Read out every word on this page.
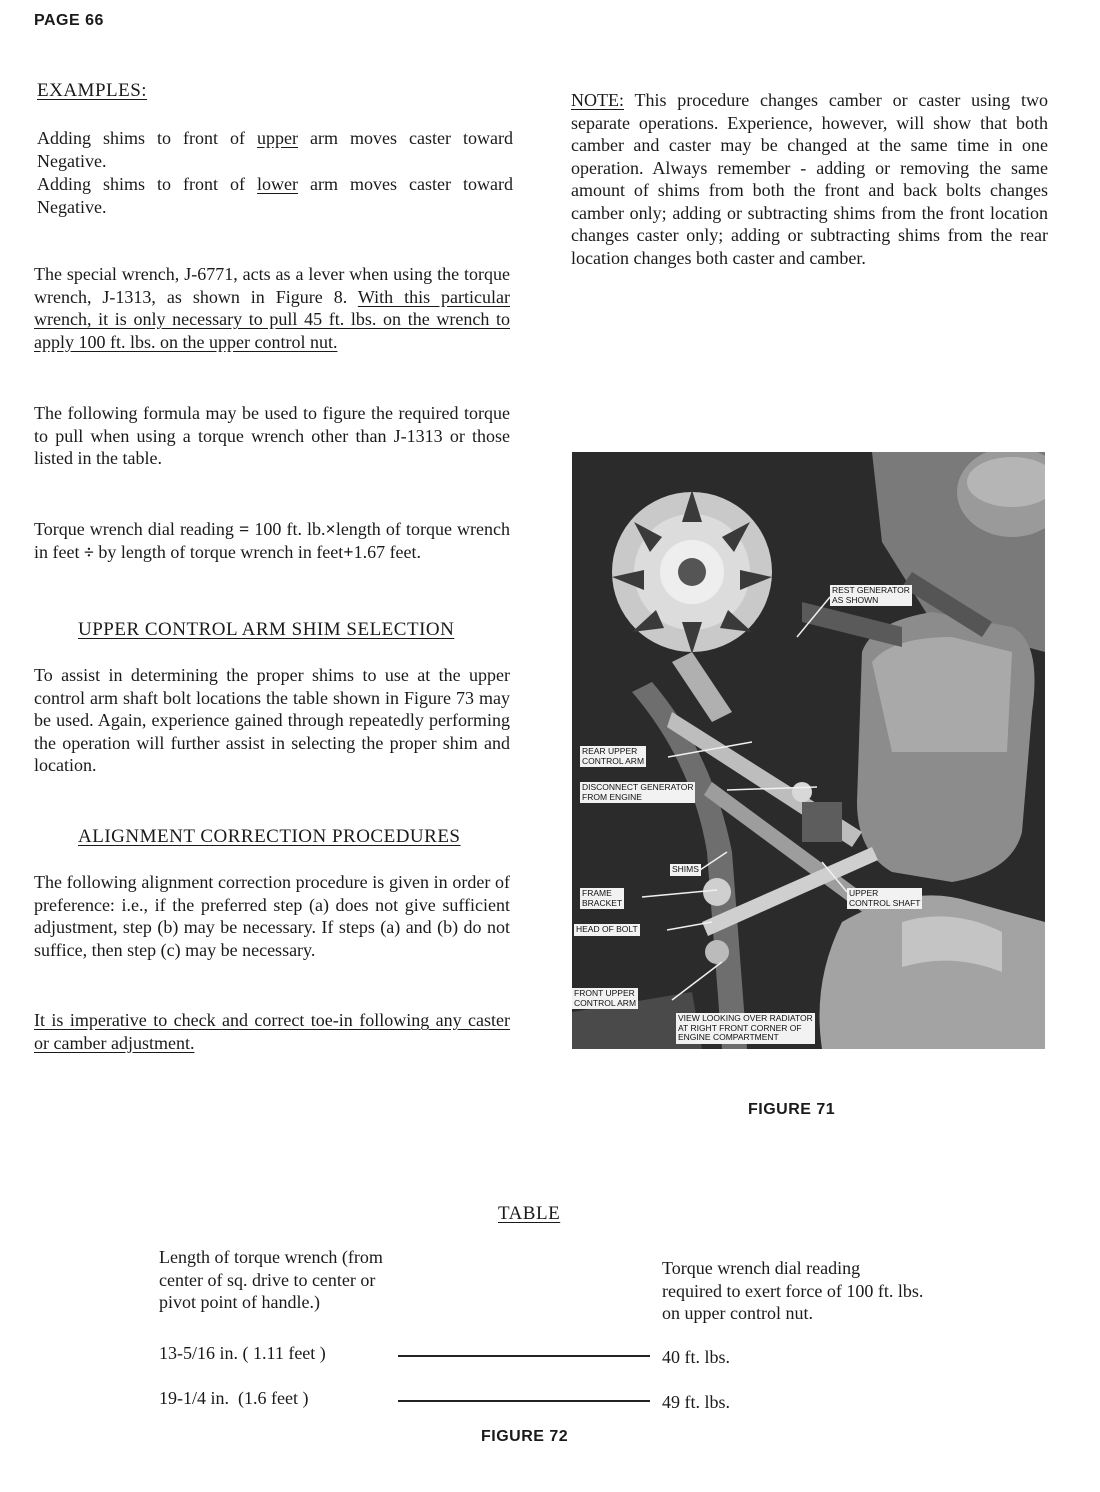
PAGE 66
EXAMPLES:
Adding shims to front of upper arm moves caster toward Negative.
Adding shims to front of lower arm moves caster toward Negative.
The special wrench, J-6771, acts as a lever when using the torque wrench, J-1313, as shown in Figure 8. With this particular wrench, it is only necessary to pull 45 ft. lbs. on the wrench to apply 100 ft. lbs. on the upper control nut.
The following formula may be used to figure the required torque to pull when using a torque wrench other than J-1313 or those listed in the table.
Torque wrench dial reading = 100 ft. lb.×length of torque wrench in feet ÷ by length of torque wrench in feet+1.67 feet.
UPPER CONTROL ARM SHIM SELECTION
To assist in determining the proper shims to use at the upper control arm shaft bolt locations the table shown in Figure 73 may be used. Again, experience gained through repeatedly performing the operation will further assist in selecting the proper shim and location.
ALIGNMENT CORRECTION PROCEDURES
The following alignment correction procedure is given in order of preference: i.e., if the preferred step (a) does not give sufficient adjustment, step (b) may be necessary. If steps (a) and (b) do not suffice, then step (c) may be necessary.
It is imperative to check and correct toe-in following any caster or camber adjustment.
NOTE: This procedure changes camber or caster using two separate operations. Experience, however, will show that both camber and caster may be changed at the same time in one operation. Always remember - adding or removing the same amount of shims from both the front and back bolts changes camber only; adding or subtracting shims from the front location changes caster only; adding or subtracting shims from the rear location changes both caster and camber.
REST GENERATOR
AS SHOWN
REAR UPPER
CONTROL ARM
DISCONNECT GENERATOR
FROM ENGINE
SHIMS
FRAME
BRACKET
UPPER
CONTROL SHAFT
HEAD OF BOLT
FRONT UPPER
CONTROL ARM
VIEW LOOKING OVER RADIATOR
AT RIGHT FRONT CORNER OF
ENGINE COMPARTMENT
FIGURE 71
TABLE
Length of torque wrench (from center of sq. drive to center or pivot point of handle.)
Torque wrench dial reading required to exert force of 100 ft. lbs. on upper control nut.
13-5/16 in. ( 1.11 feet )	40 ft. lbs.
19-1/4 in.  (1.6 feet )	49 ft. lbs.
FIGURE 72
